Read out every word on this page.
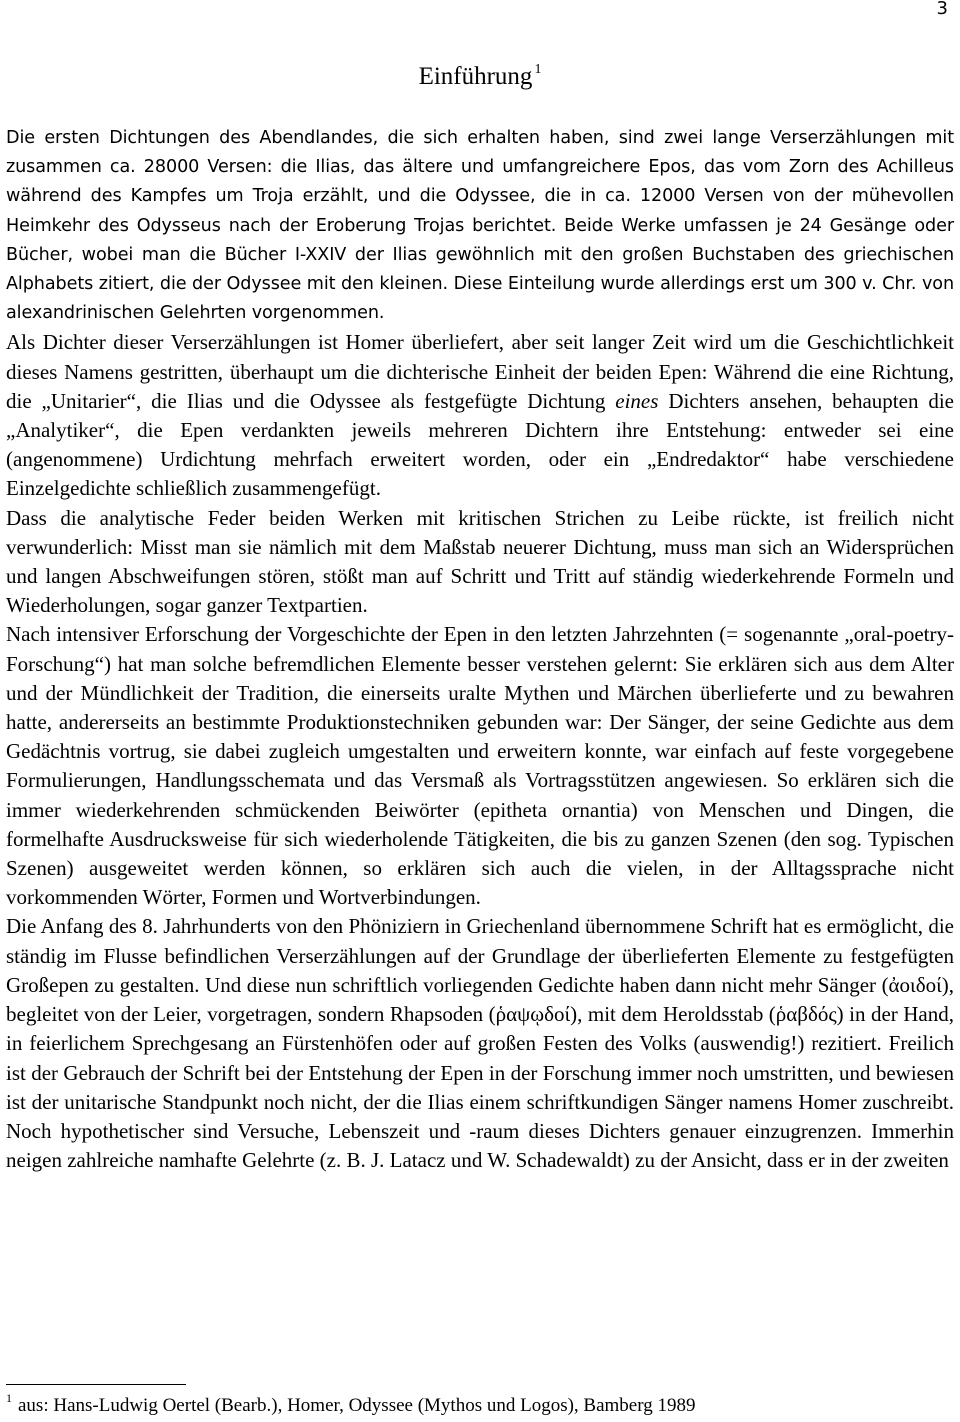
3
Einführung $^1$

Die ersten Dichtungen des Abendlandes, die sich erhalten haben, sind zwei lange Verserzählungen mit zusammen ca. 28000 Versen: die Ilias, das ältere und umfangreichere Epos, das vom Zorn des Achilleus während des Kampfes um Troja erzählt, und die Odyssee, die in ca. 12000 Versen von der mühevollen Heimkehr des Odysseus nach der Eroberung Trojas berichtet. Beide Werke umfassen je 24 Gesänge oder Bücher, wobei man die Bücher I-XXIV der Ilias gewöhnlich mit den großen Buchstaben des griechischen Alphabets zitiert, die der Odyssee mit den kleinen. Diese Einteilung wurde allerdings erst um 300 v. Chr. von alexandrinischen Gelehrten vorgenommen.

Als Dichter dieser Verserzählungen ist Homer überliefert, aber seit langer Zeit wird um die Geschichtlichkeit dieses Namens gestritten, überhaupt um die dichterische Einheit der beiden Epen: Während die eine Richtung, die „Unitarier“, die Ilias und die Odyssee als festgefügte Dichtung eines Dichters ansehen, behaupten die „Analytiker“, die Epen verdankten jeweils mehreren Dichtern ihre Entstehung: entweder sei eine (angenommene) Urdichtung mehrfach erweitert worden, oder ein „Endredaktor“ habe verschiedene Einzelgedichte schließlich zusammengefügt.

Dass die analytische Feder beiden Werken mit kritischen Strichen zu Leibe rückte, ist freilich nicht verwunderlich: Misst man sie nämlich mit dem Maßstab neuerer Dichtung, muss man sich an Widersprüchen und langen Abschweifungen stören, stößt man auf Schritt und Tritt auf ständig wiederkehrende Formeln und Wiederholungen, sogar ganzer Textpartien.

Nach intensiver Erforschung der Vorgeschichte der Epen in den letzten Jahrzehnten (= sogenannte „oral-poetry-Forschung“) hat man solche befremdlichen Elemente besser verstehen gelernt: Sie erklären sich aus dem Alter und der Mündlichkeit der Tradition, die einerseits uralte Mythen und Märchen überlieferte und zu bewahren hatte, andererseits an bestimmte Produktionstechniken gebunden war: Der Sänger, der seine Gedichte aus dem Gedächtnis vortrug, sie dabei zugleich umgestalten und erweitern konnte, war einfach auf feste vorgegebene Formulierungen, Handlungsschemata und das Versmaß als Vortragsstützen angewiesen. So erklären sich die immer wiederkehrenden schmückenden Beiwörter (epitheta ornantia) von Menschen und Dingen, die formelhafte Ausdrucksweise für sich wiederholende Tätigkeiten, die bis zu ganzen Szenen (den sog. Typischen Szenen) ausgeweitet werden können, so erklären sich auch die vielen, in der Alltagssprache nicht vorkommenden Wörter, Formen und Wortverbindungen.

Die Anfang des 8. Jahrhunderts von den Phöniziern in Griechenland übernommene Schrift hat es ermöglicht, die ständig im Flusse befindlichen Verserzählungen auf der Grundlage der überlieferten Elemente zu festgefügten Großepen zu gestalten. Und diese nun schriftlich vorliegenden Gedichte haben dann nicht mehr Sänger (ἀοιδοί), begleitet von der Leier, vorgetragen, sondern Rhapsoden (ῥαψῳδοί), mit dem Heroldsstab (ῥαβδός) in der Hand, in feierlichem Sprechgesang an Fürstenhöfen oder auf großen Festen des Volks (auswendig!) rezitiert. Freilich ist der Gebrauch der Schrift bei der Entstehung der Epen in der Forschung immer noch umstritten, und bewiesen ist der unitarische Standpunkt noch nicht, der die Ilias einem schriftkundigen Sänger namens Homer zuschreibt. Noch hypothetischer sind Versuche, Lebenszeit und -raum dieses Dichters genauer einzugrenzen. Immerhin neigen zahlreiche namhafte Gelehrte (z. B. J. Latacz und W. Schadewaldt) zu der Ansicht, dass er in der zweiten

$^1$ aus: Hans-Ludwig Oertel (Bearb.), Homer, Odyssee (Mythos und Logos), Bamberg 1989
